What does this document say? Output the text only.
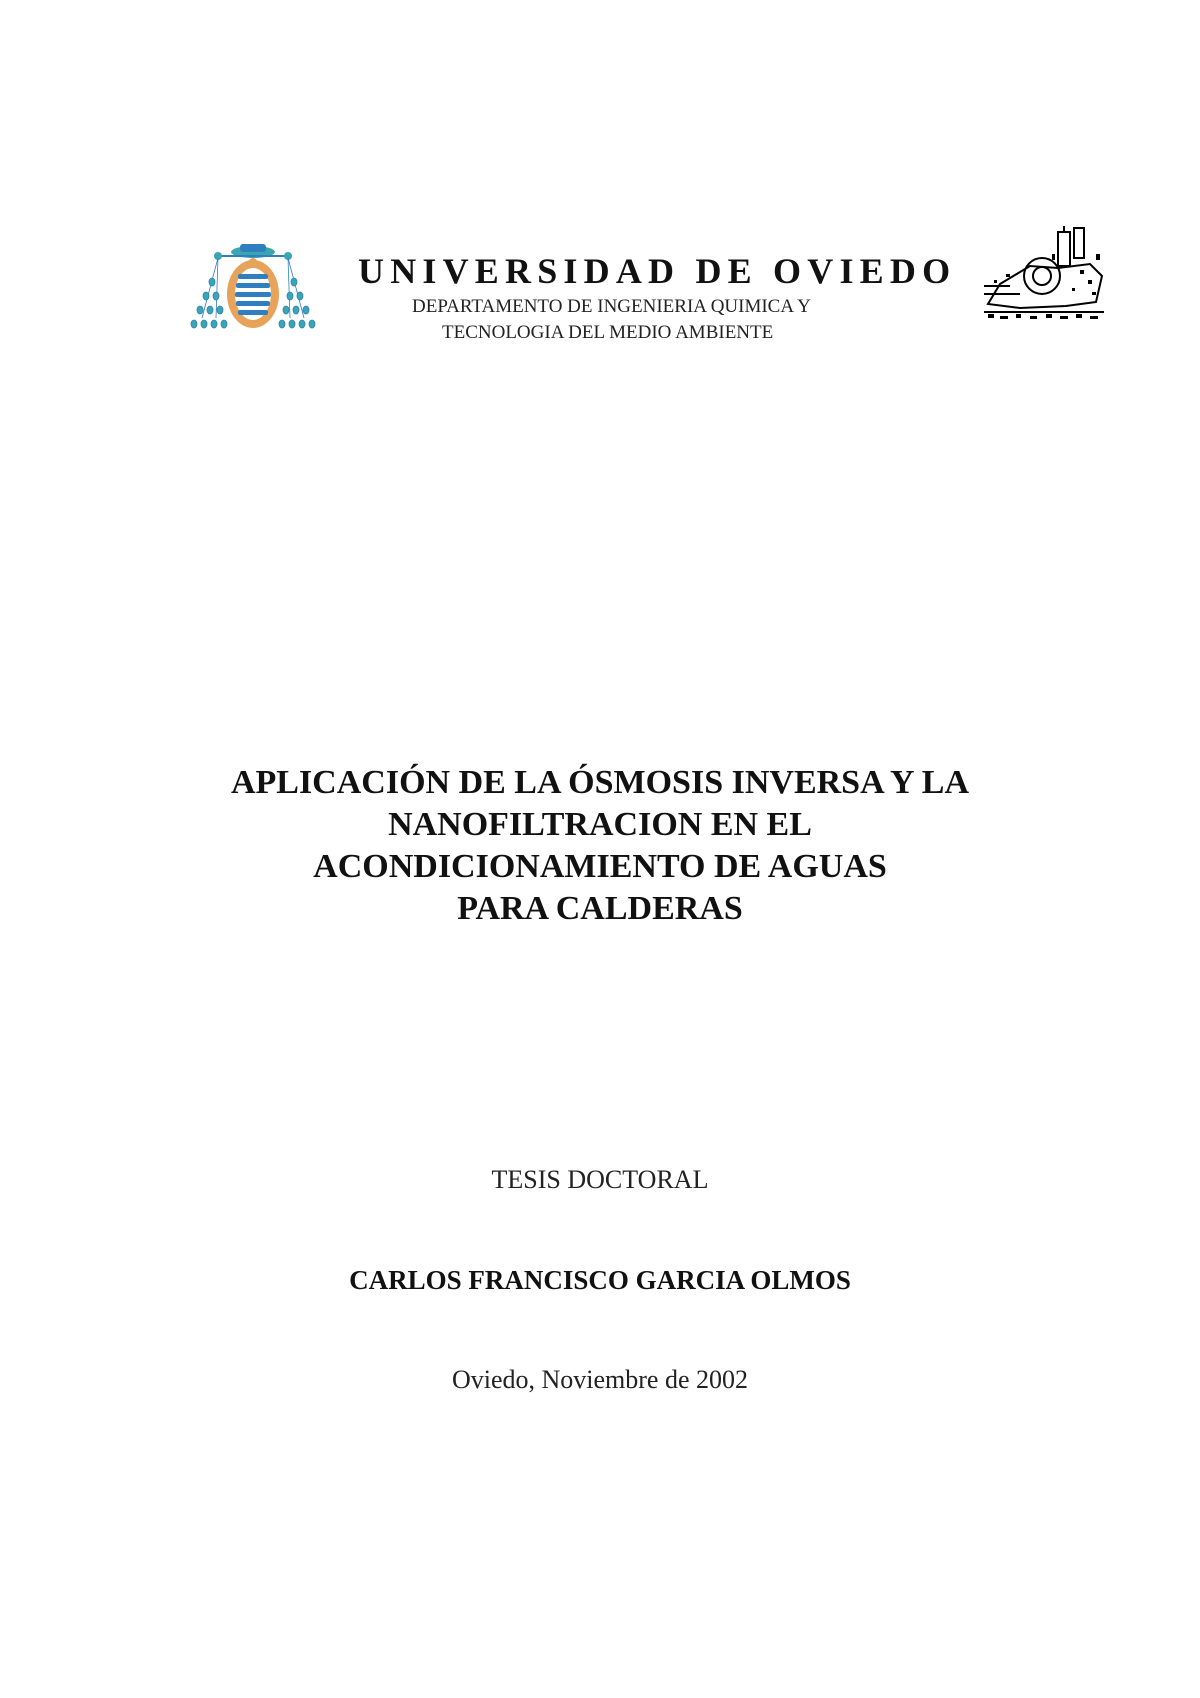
UNIVERSIDAD DE OVIEDO
DEPARTAMENTO DE INGENIERIA QUIMICA Y
TECNOLOGIA DEL MEDIO AMBIENTE
APLICACIÓN DE LA ÓSMOSIS INVERSA Y LA
NANOFILTRACION EN EL
ACONDICIONAMIENTO DE AGUAS
PARA CALDERAS
TESIS DOCTORAL
CARLOS FRANCISCO GARCIA OLMOS
Oviedo, Noviembre de 2002
